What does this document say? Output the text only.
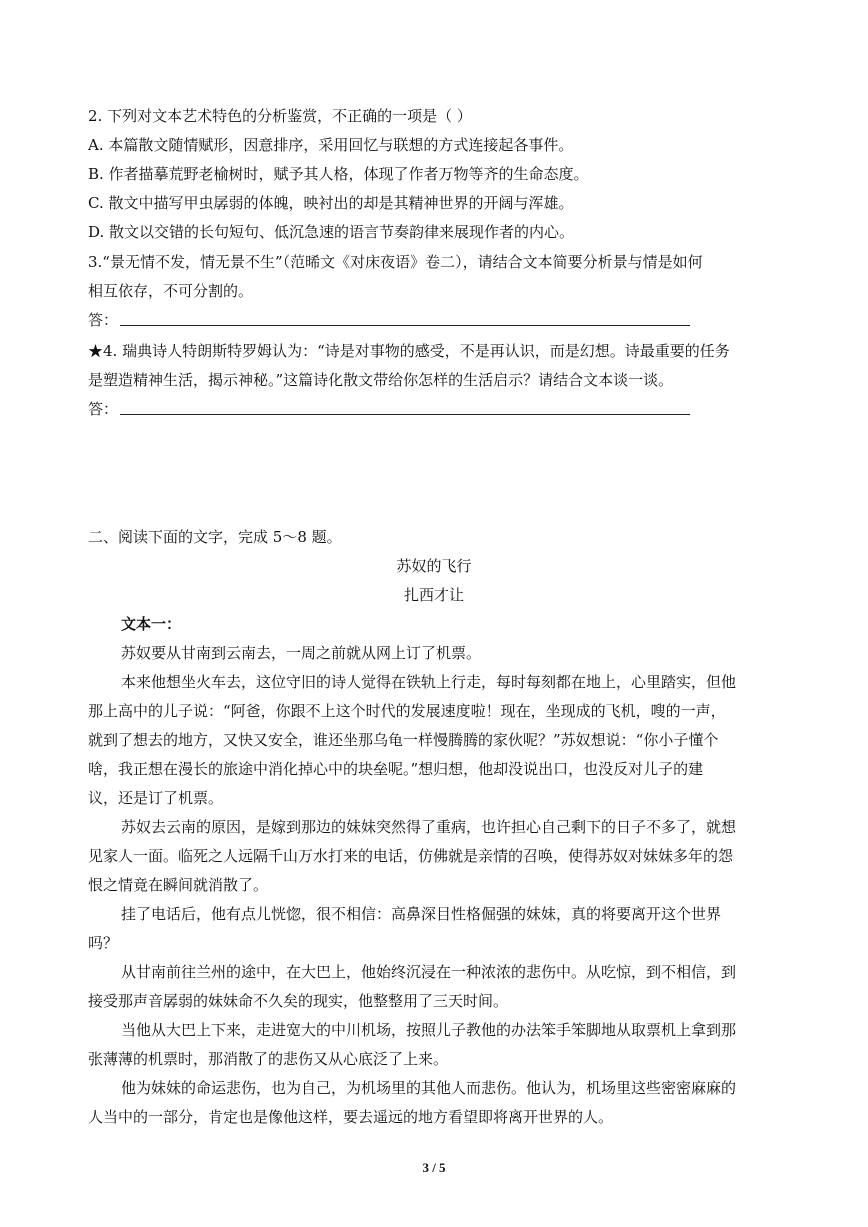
2. 下列对文本艺术特色的分析鉴赏，不正确的一项是（ ）
A. 本篇散文随情赋形，因意排序，采用回忆与联想的方式连接起各事件。
B. 作者描摹荒野老榆树时，赋予其人格，体现了作者万物等齐的生命态度。
C. 散文中描写甲虫孱弱的体魄，映衬出的却是其精神世界的开阔与浑雄。
D. 散文以交错的长句短句、低沉急速的语言节奏韵律来展现作者的内心。
3.“景无情不发，情无景不生”（范晞文《对床夜语》卷二），请结合文本简要分析景与情是如何
相互依存，不可分割的。
答：
★4. 瑞典诗人特朗斯特罗姆认为：“诗是对事物的感受，不是再认识，而是幻想。诗最重要的任务
是塑造精神生活，揭示神秘。”这篇诗化散文带给你怎样的生活启示？请结合文本谈一谈。
答：
二、阅读下面的文字，完成 5～8 题。
苏奴的飞行
扎西才让
文本一：
苏奴要从甘南到云南去，一周之前就从网上订了机票。
本来他想坐火车去，这位守旧的诗人觉得在铁轨上行走，每时每刻都在地上，心里踏实，但他
那上高中的儿子说：“阿爸，你跟不上这个时代的发展速度啦！现在，坐现成的飞机，嗖的一声，
就到了想去的地方，又快又安全，谁还坐那乌龟一样慢腾腾的家伙呢？”苏奴想说：“你小子懂个
啥，我正想在漫长的旅途中消化掉心中的块垒呢。”想归想，他却没说出口，也没反对儿子的建
议，还是订了机票。
苏奴去云南的原因，是嫁到那边的妹妹突然得了重病，也许担心自己剩下的日子不多了，就想
见家人一面。临死之人远隔千山万水打来的电话，仿佛就是亲情的召唤，使得苏奴对妹妹多年的怨
恨之情竟在瞬间就消散了。
挂了电话后，他有点儿恍惚，很不相信：高鼻深目性格倔强的妹妹，真的将要离开这个世界
吗？
从甘南前往兰州的途中，在大巴上，他始终沉浸在一种浓浓的悲伤中。从吃惊，到不相信，到
接受那声音孱弱的妹妹命不久矣的现实，他整整用了三天时间。
当他从大巴上下来，走进宽大的中川机场，按照儿子教他的办法笨手笨脚地从取票机上拿到那
张薄薄的机票时，那消散了的悲伤又从心底泛了上来。
他为妹妹的命运悲伤，也为自己，为机场里的其他人而悲伤。他认为，机场里这些密密麻麻的
人当中的一部分，肯定也是像他这样，要去遥远的地方看望即将离开世界的人。
3 / 5
